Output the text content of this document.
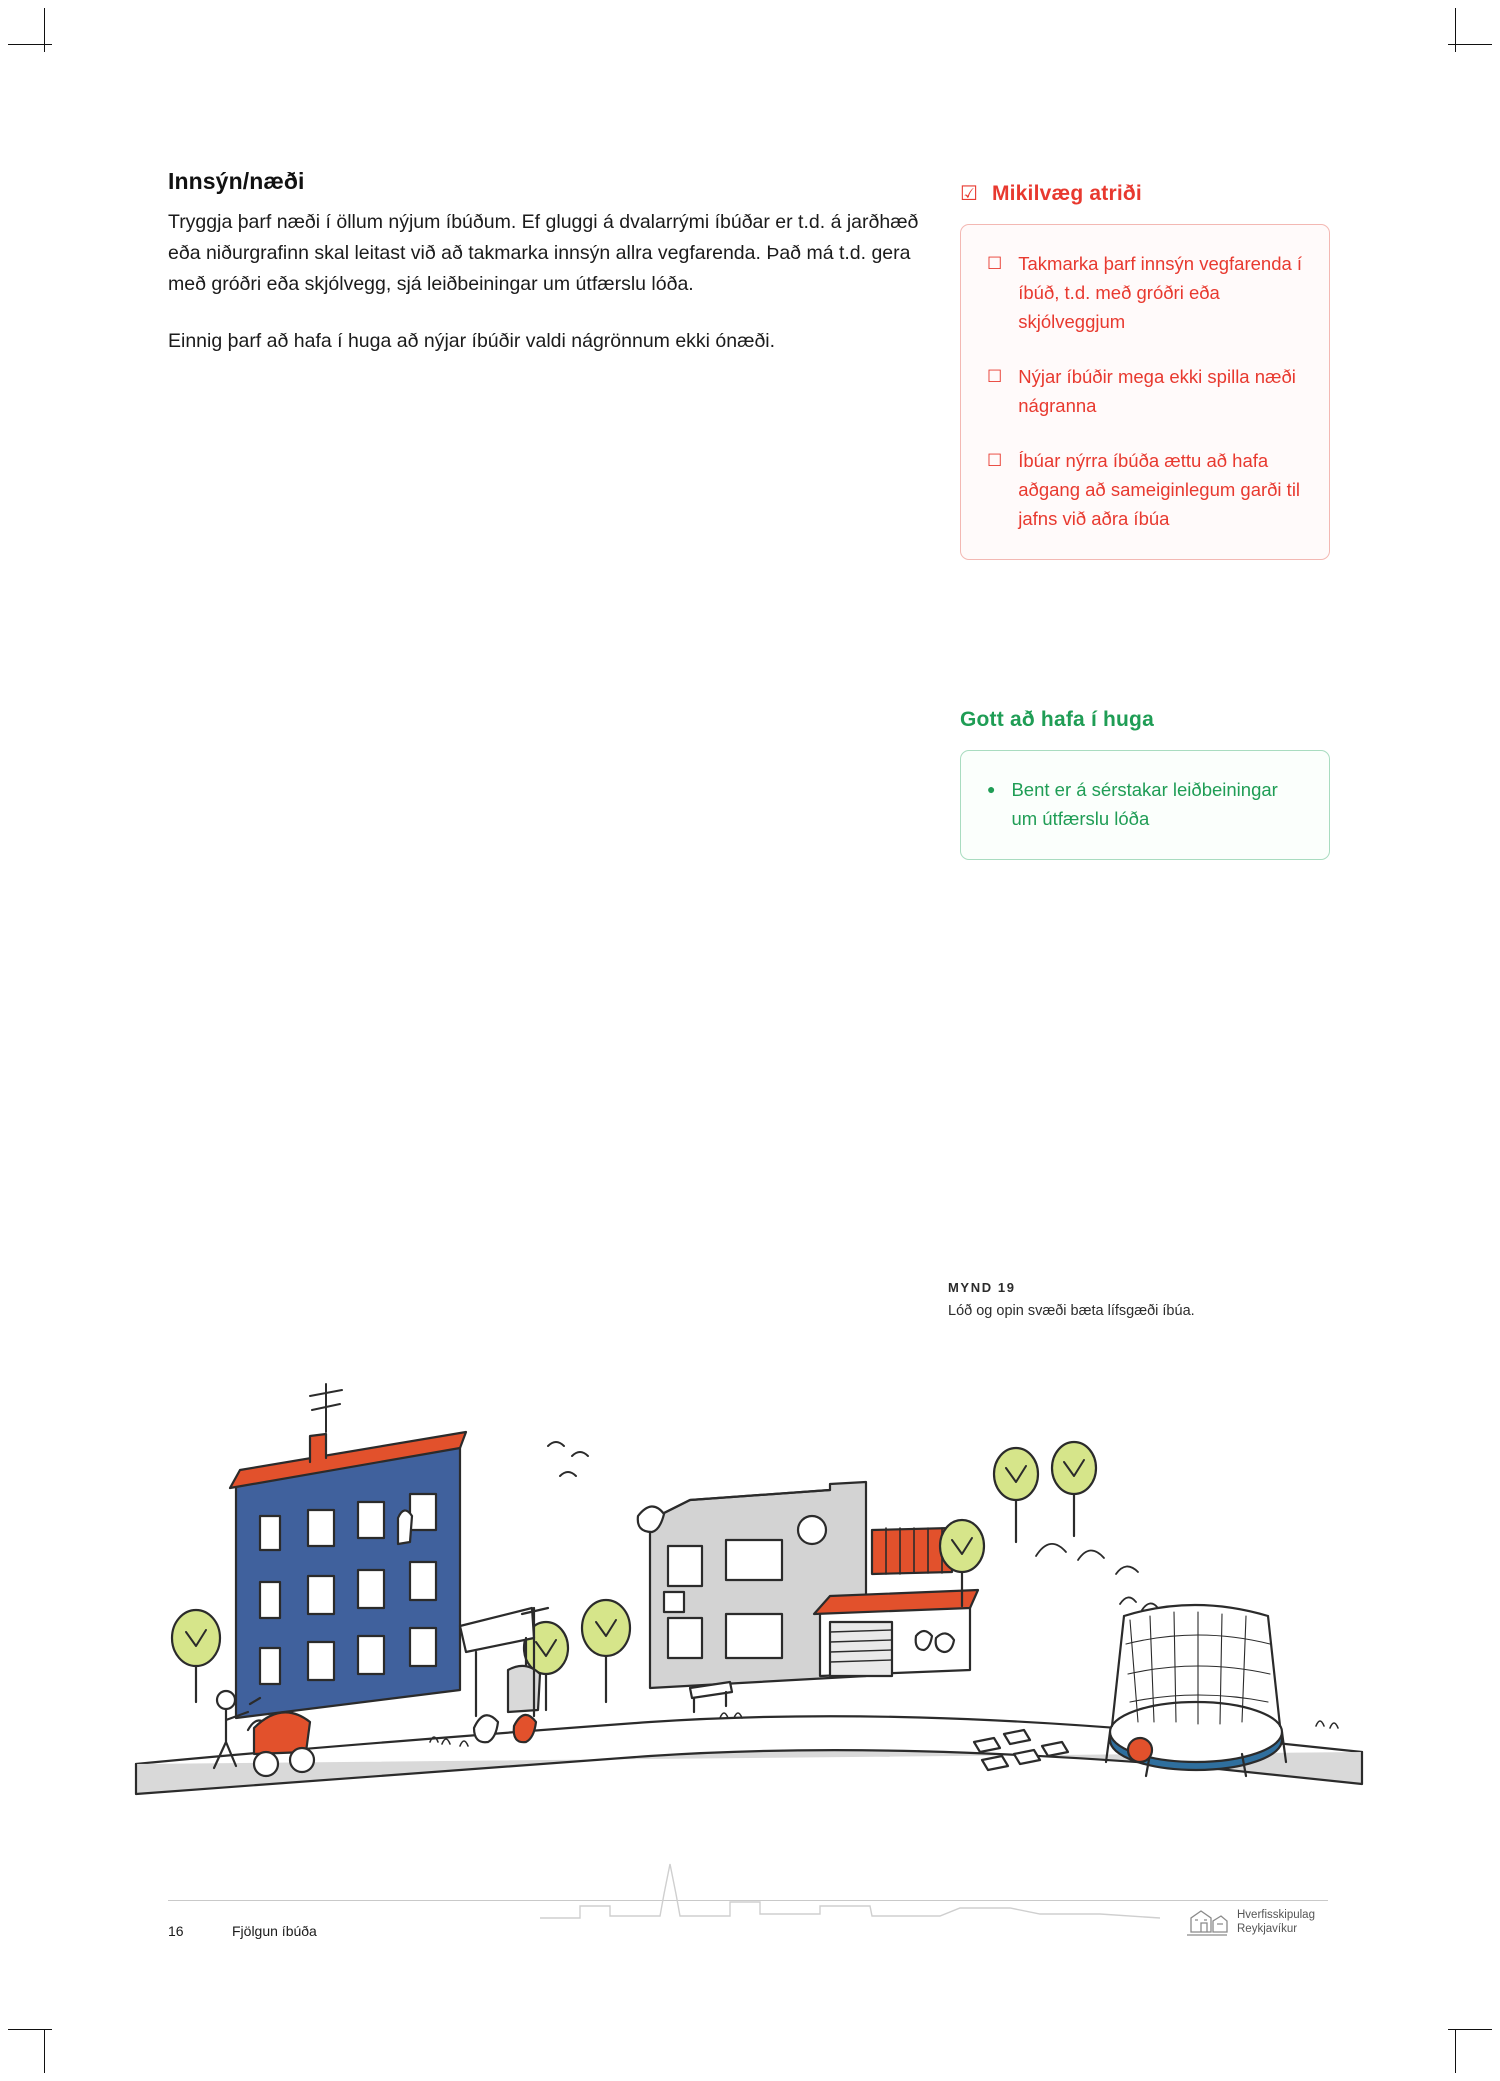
Innsýn/næði

Tryggja þarf næði í öllum nýjum íbúðum. Ef gluggi á dvalarrými íbúðar er t.d. á jarðhæð eða niðurgrafinn skal leitast við að takmarka innsýn allra vegfarenda. Það má t.d. gera með gróðri eða skjólvegg, sjá leiðbeiningar um útfærslu lóða.

Einnig þarf að hafa í huga að nýjar íbúðir valdi nágrönnum ekki ónæði.

☑ Mikilvæg atriði
☐ Takmarka þarf innsýn vegfarenda í íbúð, t.d. með gróðri eða skjólveggjum
☐ Nýjar íbúðir mega ekki spilla næði nágranna
☐ Íbúar nýrra íbúða ættu að hafa aðgang að sameiginlegum garði til jafns við aðra íbúa
Gott að hafa í huga
● Bent er á sérstakar leiðbeiningar um útfærslu lóða
MYND 19
Lóð og opin svæði bæta lífsgæði íbúa.
16	Fjölgun íbúða
Hverfisskipulag
Reykjavíkur
